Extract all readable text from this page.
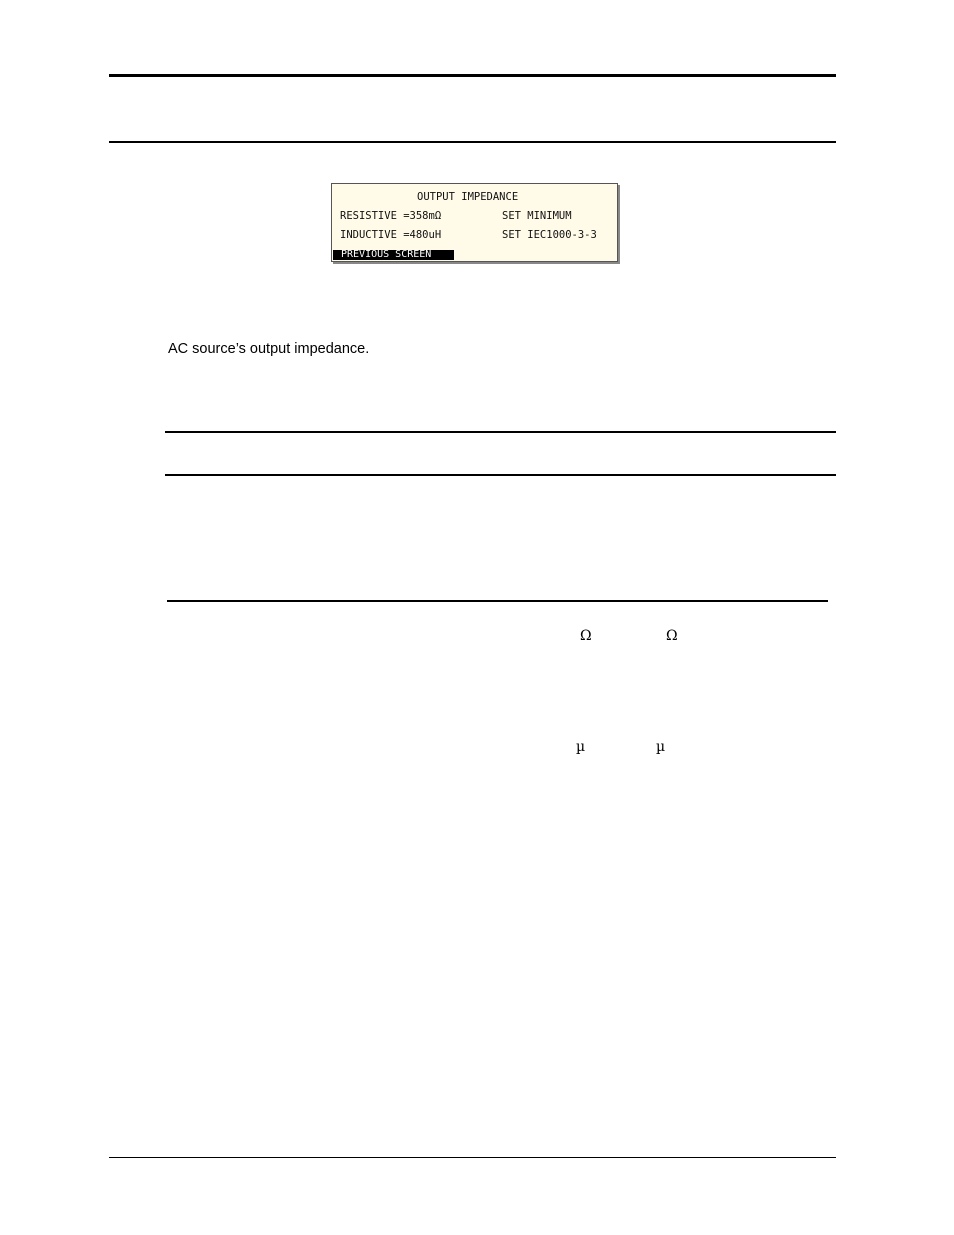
OUTPUT IMPEDANCE
RESISTIVE =358mΩ	SET MINIMUM
INDUCTIVE =480uH	SET IEC1000-3-3
PREVIOUS SCREEN
AC source’s output impedance.
Ω	Ω
µ	µ
